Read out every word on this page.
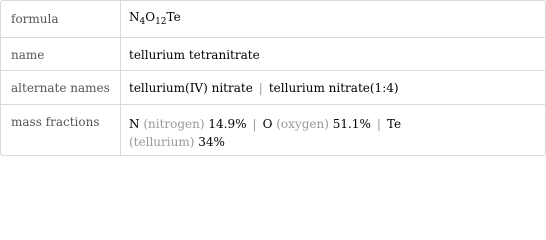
formula	$N_4O_{12}Te$
name	tellurium tetranitrate
alternate names tellurium(IV) nitrate | tellurium nitrate(1:4)
mass fractions N (nitrogen) 14.9% | O (oxygen) 51.1% | Te
(tellurium) 34%
